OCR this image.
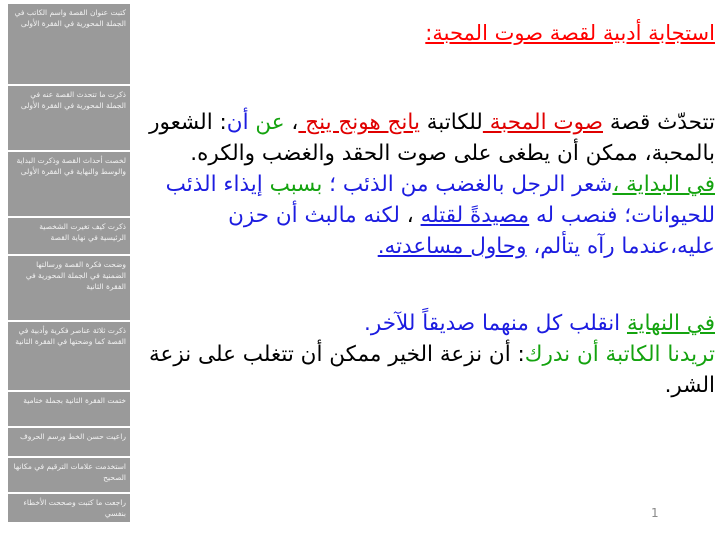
كتبت عنوان القصة واسم الكاتب في الجملة المحورية في الفقرة الأولى
ذكرت ما تتحدث القصة عنه في الجملة المحورية في الفقرة الأولى
لخصت أحداث القصة وذكرت البداية والوسط والنهاية في الفقرة الأولى
ذكرت كيف تغيرت الشخصية الرئيسية في نهاية القصة
وضحت فكرة القصة ورسالتها الضمنية في الجملة المحورية في الفقرة الثانية
ذكرت ثلاثة عناصر فكرية وأدبية في القصة كما وضحتها في الفقرة الثانية
ختمت الفقرة الثانية بجملة ختامية
راعيت حسن الخط ورسم الحروف
استخدمت علامات الترقيم في مكانها الصحيح
راجعت ما كتبت وصححت الأخطاء بنفسي

استجابة أدبية لقصة صوت المحبة:

تتحدّث قصة صوت المحبة للكاتبة يانج هونج ينج ، عن أن: الشعور بالمحبة، ممكن أن يطغى على صوت الحقد والغضب والكره.

في البداية ،شعر الرجل بالغضب من الذئب ؛ بسبب إيذاء الذئب للحيوانات؛ فنصب له مصيدةً لقتله ، لكنه مالبث أن حزن عليه،عندما رآه يتألم، وحاول مساعدته.

في النهاية انقلب كل منهما صديقاً للآخر.

تريدنا الكاتبة أن ندرك: أن نزعة الخير ممكن أن تتغلب على نزعة الشر.

1
